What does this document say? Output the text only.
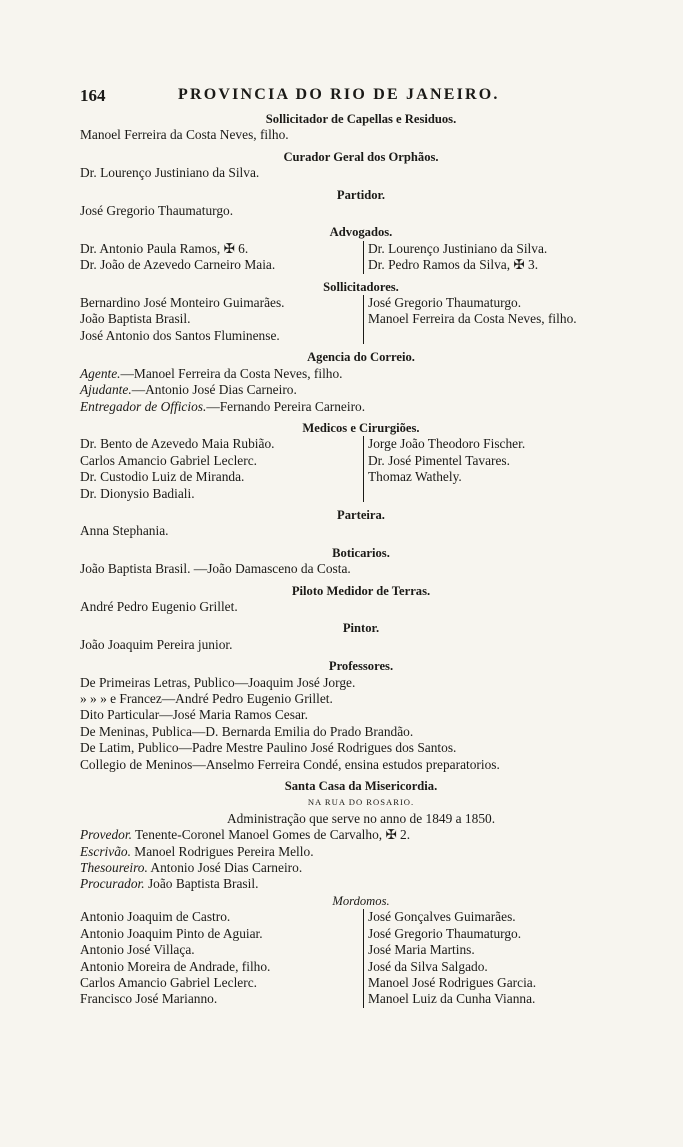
164	PROVINCIA DO RIO DE JANEIRO.
Sollicitador de Capellas e Residuos.
Manoel Ferreira da Costa Neves, filho.
Curador Geral dos Orphãos.
Dr. Lourenço Justiniano da Silva.
Partidor.
José Gregorio Thaumaturgo.
Advogados.
Dr. Antonio Paula Ramos, ✠ 6.
Dr. João de Azevedo Carneiro Maia.
Dr. Lourenço Justiniano da Silva.
Dr. Pedro Ramos da Silva, ✠ 3.
Sollicitadores.
Bernardino José Monteiro Guimarães.
João Baptista Brasil.
José Antonio dos Santos Fluminense.
José Gregorio Thaumaturgo.
Manoel Ferreira da Costa Neves, filho.

Agencia do Correio.
Agente.—Manoel Ferreira da Costa Neves, filho.
Ajudante.—Antonio José Dias Carneiro.
Entregador de Officios.—Fernando Pereira Carneiro.
Medicos e Cirurgiões.
Dr. Bento de Azevedo Maia Rubião.
Carlos Amancio Gabriel Leclerc.
Dr. Custodio Luiz de Miranda.
Dr. Dionysio Badiali.
Jorge João Theodoro Fischer.
Dr. José Pimentel Tavares.
Thomaz Wathely.

Parteira.
Anna Stephania.
Boticarios.
João Baptista Brasil. —João Damasceno da Costa.
Piloto Medidor de Terras.
André Pedro Eugenio Grillet.
Pintor.
João Joaquim Pereira junior.
Professores.
De Primeiras Letras, Publico—Joaquim José Jorge.
» » » e Francez—André Pedro Eugenio Grillet.
Dito Particular—José Maria Ramos Cesar.
De Meninas, Publica—D. Bernarda Emilia do Prado Brandão.
De Latim, Publico—Padre Mestre Paulino José Rodrigues dos Santos.
Collegio de Meninos—Anselmo Ferreira Condé, ensina estudos preparatorios.
Santa Casa da Misericordia.
NA RUA DO ROSARIO.
Administração que serve no anno de 1849 a 1850.
Provedor. Tenente-Coronel Manoel Gomes de Carvalho, ✠ 2.
Escrivão. Manoel Rodrigues Pereira Mello.
Thesoureiro. Antonio José Dias Carneiro.
Procurador. João Baptista Brasil.
Mordomos.
Antonio Joaquim de Castro.
Antonio Joaquim Pinto de Aguiar.
Antonio José Villaça.
Antonio Moreira de Andrade, filho.
Carlos Amancio Gabriel Leclerc.
Francisco José Marianno.
José Gonçalves Guimarães.
José Gregorio Thaumaturgo.
José Maria Martins.
José da Silva Salgado.
Manoel José Rodrigues Garcia.
Manoel Luiz da Cunha Vianna.
